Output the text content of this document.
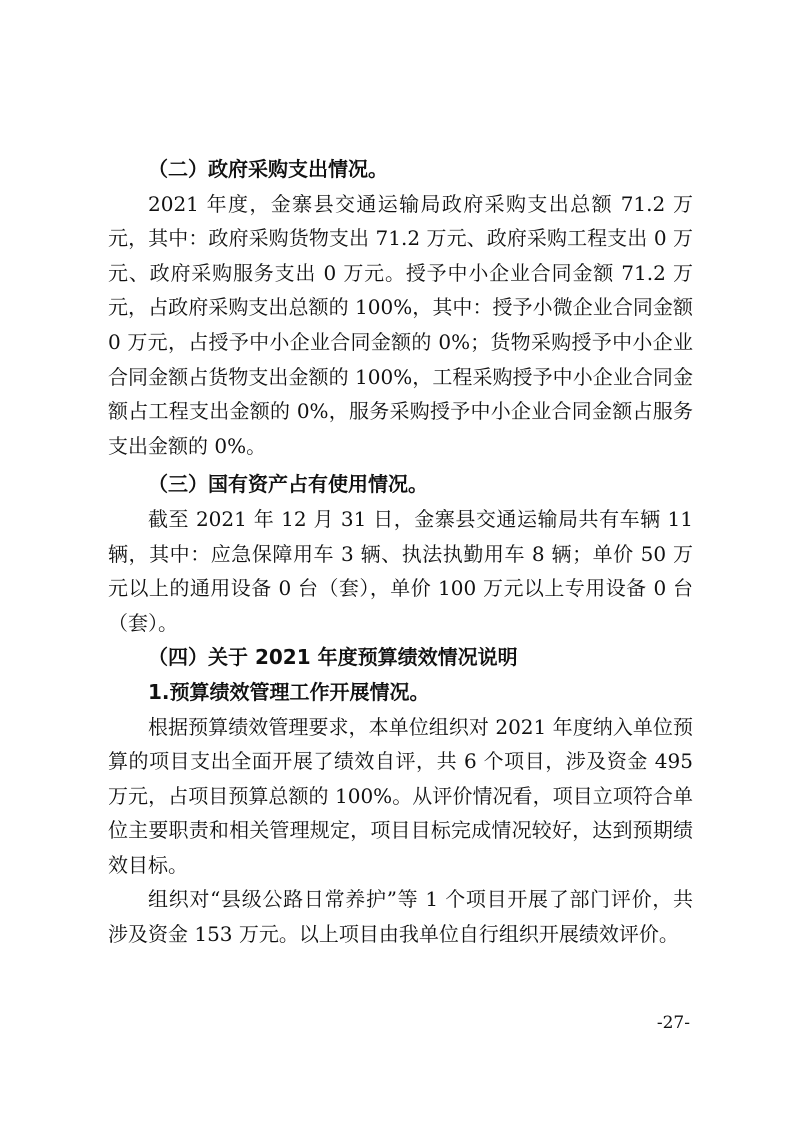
（二）政府采购支出情况。

2021 年度，金寨县交通运输局政府采购支出总额 71.2 万元，其中：政府采购货物支出 71.2 万元、政府采购工程支出 0 万元、政府采购服务支出 0 万元。授予中小企业合同金额 71.2 万元，占政府采购支出总额的 100%，其中：授予小微企业合同金额 0 万元，占授予中小企业合同金额的 0%；货物采购授予中小企业合同金额占货物支出金额的 100%，工程采购授予中小企业合同金额占工程支出金额的 0%，服务采购授予中小企业合同金额占服务支出金额的 0%。

（三）国有资产占有使用情况。

截至 2021 年 12 月 31 日，金寨县交通运输局共有车辆 11 辆，其中：应急保障用车 3 辆、执法执勤用车 8 辆；单价 50 万元以上的通用设备 0 台（套），单价 100 万元以上专用设备 0 台（套）。

（四）关于 2021 年度预算绩效情况说明

1.预算绩效管理工作开展情况。

根据预算绩效管理要求，本单位组织对 2021 年度纳入单位预算的项目支出全面开展了绩效自评，共 6 个项目，涉及资金 495 万元，占项目预算总额的 100%。从评价情况看，项目立项符合单位主要职责和相关管理规定，项目目标完成情况较好，达到预期绩效目标。

组织对“县级公路日常养护”等 1 个项目开展了部门评价，共涉及资金 153 万元。以上项目由我单位自行组织开展绩效评价。

-27-
